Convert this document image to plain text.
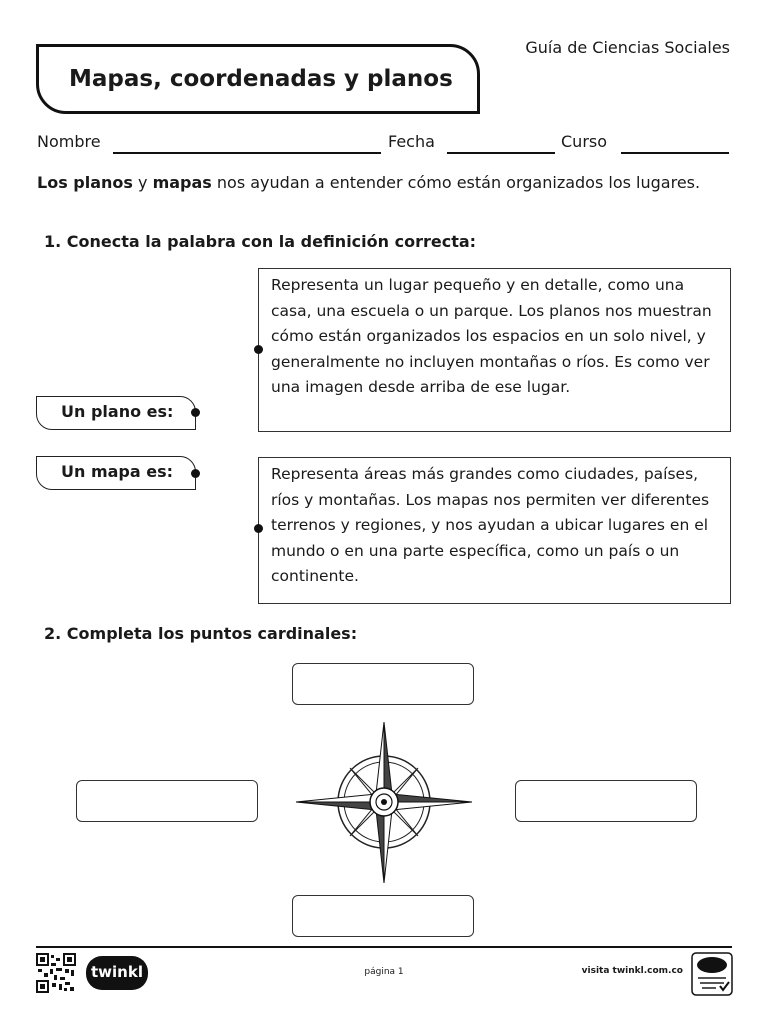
Guía de Ciencias Sociales
Mapas, coordenadas y planos
Nombre	Fecha	Curso

Los planos y mapas nos ayudan a entender cómo están organizados los lugares.

1. Conecta la palabra con la definición correcta:
Representa un lugar pequeño y en detalle, como una casa, una escuela o un parque. Los planos nos muestran cómo están organizados los espacios en un solo nivel, y generalmente no incluyen montañas o ríos. Es como ver una imagen desde arriba de ese lugar.
Representa áreas más grandes como ciudades, países, ríos y montañas. Los mapas nos permiten ver diferentes terrenos y regiones, y nos ayudan a ubicar lugares en el mundo o en una parte específica, como un país o un continente.
Un plano es:
Un mapa es:
2. Completa los puntos cardinales:
twinkl	página 1	visita twinkl.com.co
